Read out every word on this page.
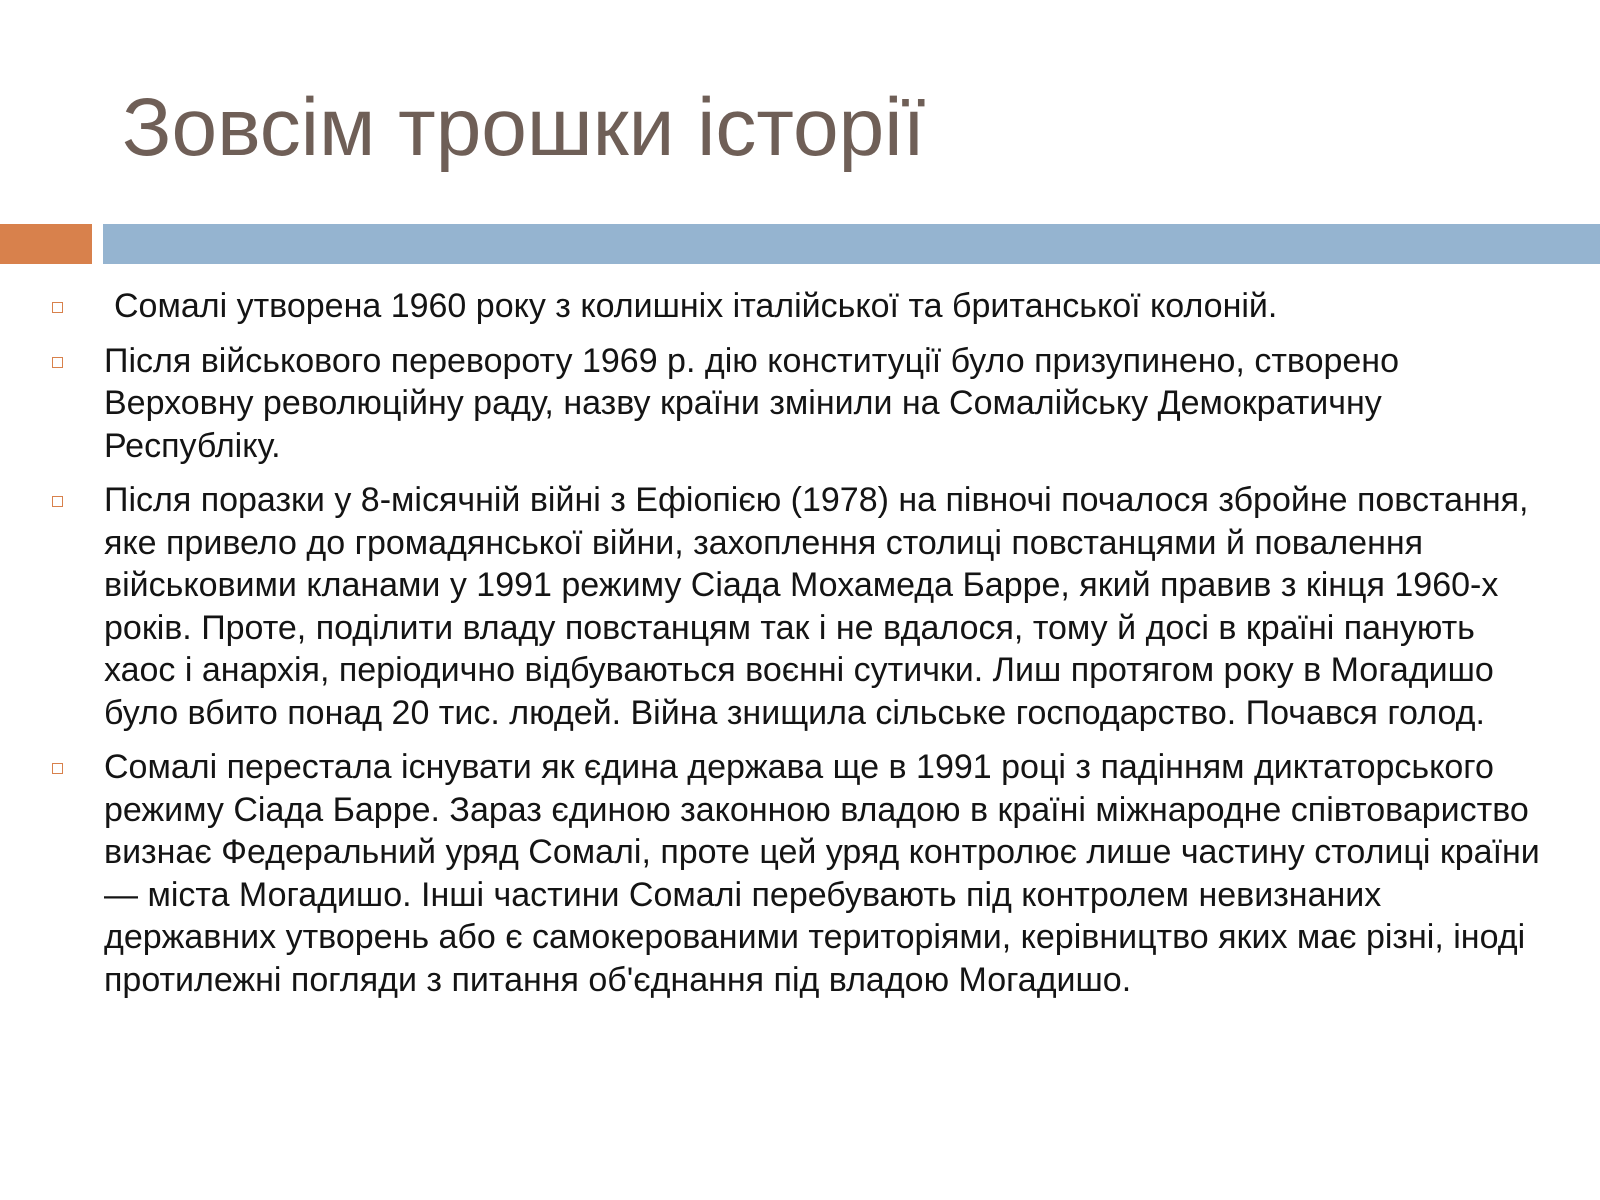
Зовсім трошки історії
Сомалі утворена 1960 року з колишніх італійської та британської колоній.
Після військового перевороту 1969 р. дію конституції було призупинено, створено Верховну революційну раду, назву країни змінили на Сомалійську Демократичну Республіку.
Після поразки у 8-місячній війні з Ефіопією (1978) на півночі почалося збройне повстання, яке привело до громадянської війни, захоплення столиці повстанцями й повалення військовими кланами у 1991 режиму Сіада Мохамеда Барре, який правив з кінця 1960-х років. Проте, поділити владу повстанцям так і не вдалося, тому й досі в країні панують хаос і анархія, періодично відбуваються воєнні сутички. Лиш протягом року в Могадишо було вбито понад 20 тис. людей. Війна знищила сільське господарство. Почався голод.
Сомалі перестала існувати як єдина держава ще в 1991 році з падінням диктаторського режиму Сіада Барре. Зараз єдиною законною владою в країні міжнародне співтовариство визнає Федеральний уряд Сомалі, проте цей уряд контролює лише частину столиці країни — міста Могадишо. Інші частини Сомалі перебувають під контролем невизнаних державних утворень або є самокерованими територіями, керівництво яких має різні, іноді протилежні погляди з питання об'єднання під владою Могадишо.
